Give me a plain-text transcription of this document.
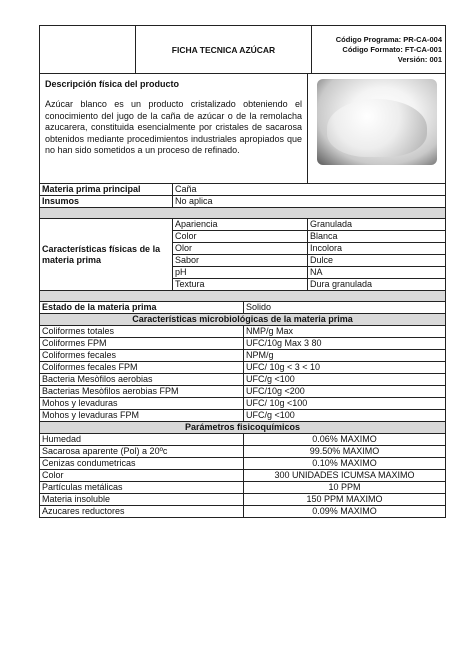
	FICHA TECNICA AZÚCAR	
Código Programa: PR-CA-004
Código Formato: FT-CA-001
Versión: 001
Descripción física del producto
Azúcar blanco es un producto cristalizado obteniendo el conocimiento del jugo de la caña de azúcar o de la remolacha azucarera, constituida esencialmente por cristales de sacarosa obtenidos mediante procedimientos industriales apropiados que no han sido sometidos a un proceso de refinado.

Materia prima principal	Caña		
Insumos	No aplica		

Características físicas de la materia prima	Apariencia		Granulada
	Color		Blanca
	Olor		Incolora
	Sabor		Dulce
	pH		NA
	Textura		Dura granulada

Estado de la materia prima		Solido	
Características microbiológicas de la materia prima			
Coliformes totales		NMP/g Max	
Coliformes FPM		UFC/10g Max 3 80	
Coliformes fecales		NPM/g	
Coliformes fecales FPM		UFC/ 10g < 3 < 10	
Bacteria Mesòfilos aerobias		UFC/g <100	
Bacterias Mesòfilos aerobias FPM		UFC/10g <200	
Mohos y levaduras		UFC/ 10g <100	
Mohos y levaduras FPM		UFC/g <100	
Parámetros fisicoquímicos			
Humedad		0.06% MAXIMO	
Sacarosa aparente (Pol) a 20ºc		99.50% MAXIMO	
Cenizas condumetricas		0.10% MAXIMO	
Color		300 UNIDADES ICUMSA MAXIMO	
Partículas metálicas		10 PPM	
Materia insoluble		150 PPM MAXIMO	
Azucares reductores		0.09% MAXIMO	
